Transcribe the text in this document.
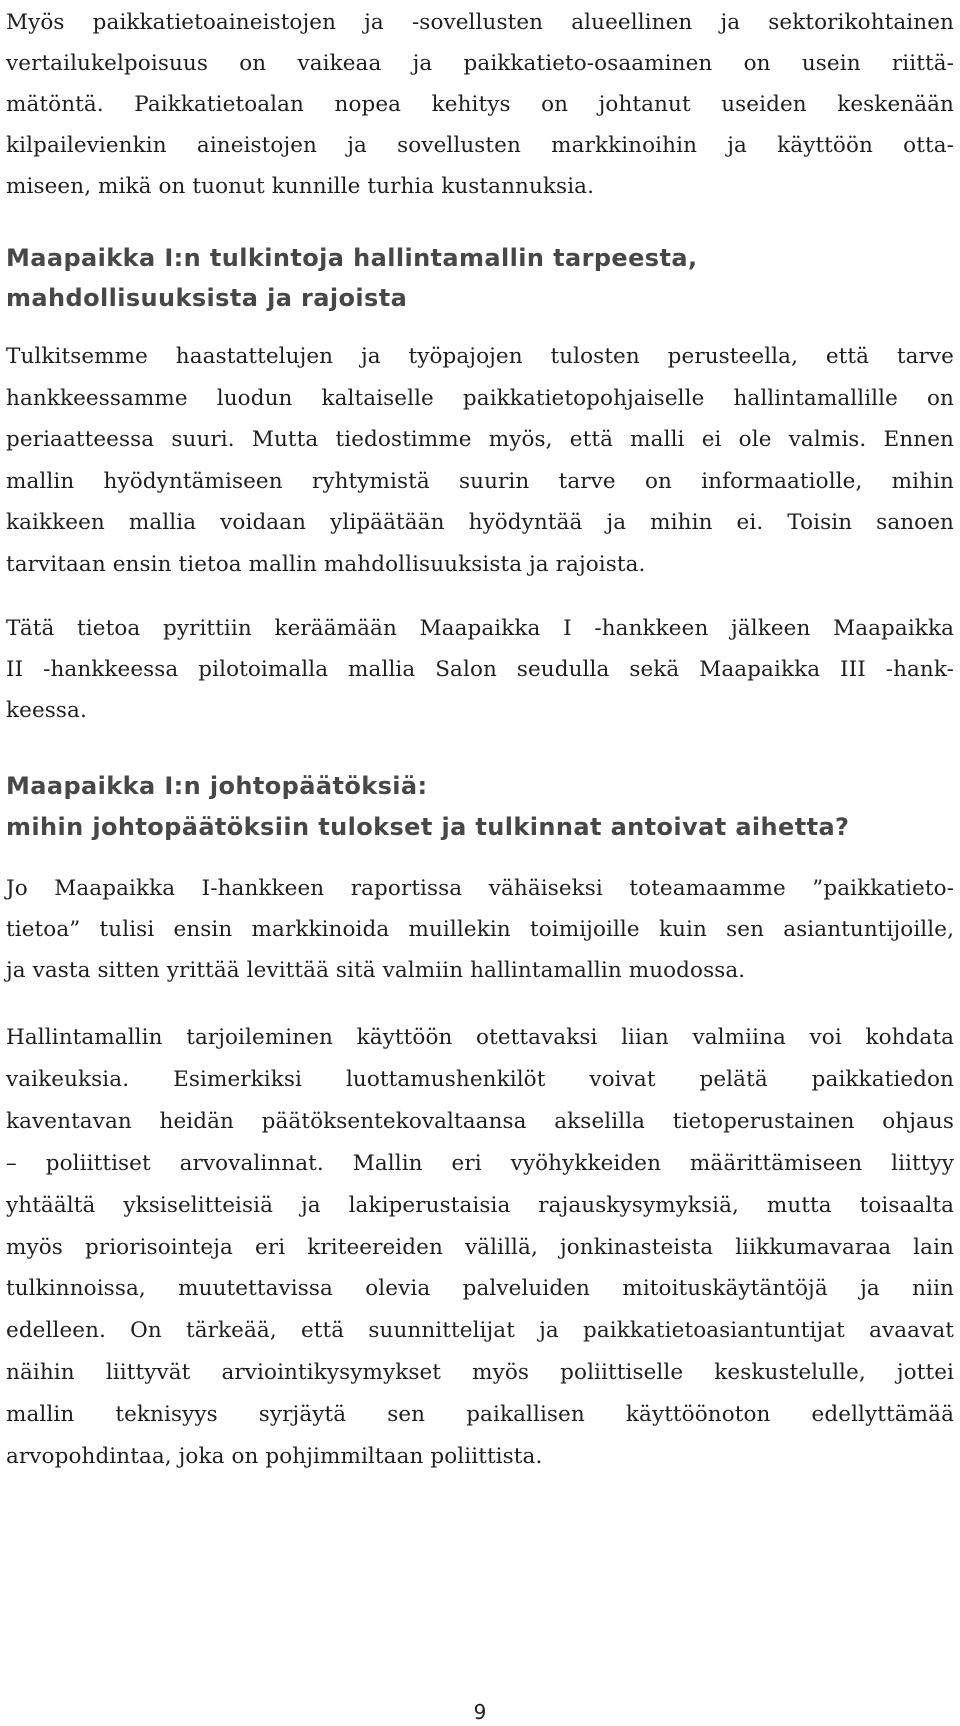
Myös paikkatietoaineistojen ja -sovellusten alueellinen ja sektorikohtainen
vertailukelpoisuus on vaikeaa ja paikkatieto-osaaminen on usein riittä-
mätöntä. Paikkatietoalan nopea kehitys on johtanut useiden keskenään
kilpailevienkin aineistojen ja sovellusten markkinoihin ja käyttöön otta-
miseen, mikä on tuonut kunnille turhia kustannuksia.
Maapaikka I:n tulkintoja hallintamallin tarpeesta,
mahdollisuuksista ja rajoista
Tulkitsemme haastattelujen ja työpajojen tulosten perusteella, että tarve
hankkeessamme luodun kaltaiselle paikkatietopohjaiselle hallintamallille on
periaatteessa suuri. Mutta tiedostimme myös, että malli ei ole valmis. Ennen
mallin hyödyntämiseen ryhtymistä suurin tarve on informaatiolle, mihin
kaikkeen mallia voidaan ylipäätään hyödyntää ja mihin ei. Toisin sanoen
tarvitaan ensin tietoa mallin mahdollisuuksista ja rajoista.
Tätä tietoa pyrittiin keräämään Maapaikka I -hankkeen jälkeen Maapaikka
II -hankkeessa pilotoimalla mallia Salon seudulla sekä Maapaikka III -hank-
keessa.
Maapaikka I:n johtopäätöksiä:
mihin johtopäätöksiin tulokset ja tulkinnat antoivat aihetta?
Jo Maapaikka I-hankkeen raportissa vähäiseksi toteamaamme ”paikkatieto-
tietoa” tulisi ensin markkinoida muillekin toimijoille kuin sen asiantuntijoille,
ja vasta sitten yrittää levittää sitä valmiin hallintamallin muodossa.
Hallintamallin tarjoileminen käyttöön otettavaksi liian valmiina voi kohdata
vaikeuksia. Esimerkiksi luottamushenkilöt voivat pelätä paikkatiedon
kaventavan heidän päätöksentekovaltaansa akselilla tietoperustainen ohjaus
– poliittiset arvovalinnat. Mallin eri vyöhykkeiden määrittämiseen liittyy
yhtäältä yksiselitteisiä ja lakiperustaisia rajauskysymyksiä, mutta toisaalta
myös priorisointeja eri kriteereiden välillä, jonkinasteista liikkumavaraa lain
tulkinnoissa, muutettavissa olevia palveluiden mitoituskäytäntöjä ja niin
edelleen. On tärkeää, että suunnittelijat ja paikkatietoasiantuntijat avaavat
näihin liittyvät arviointikysymykset myös poliittiselle keskustelulle, jottei
mallin teknisyys syrjäytä sen paikallisen käyttöönoton edellyttämää
arvopohdintaa, joka on pohjimmiltaan poliittista.
9
